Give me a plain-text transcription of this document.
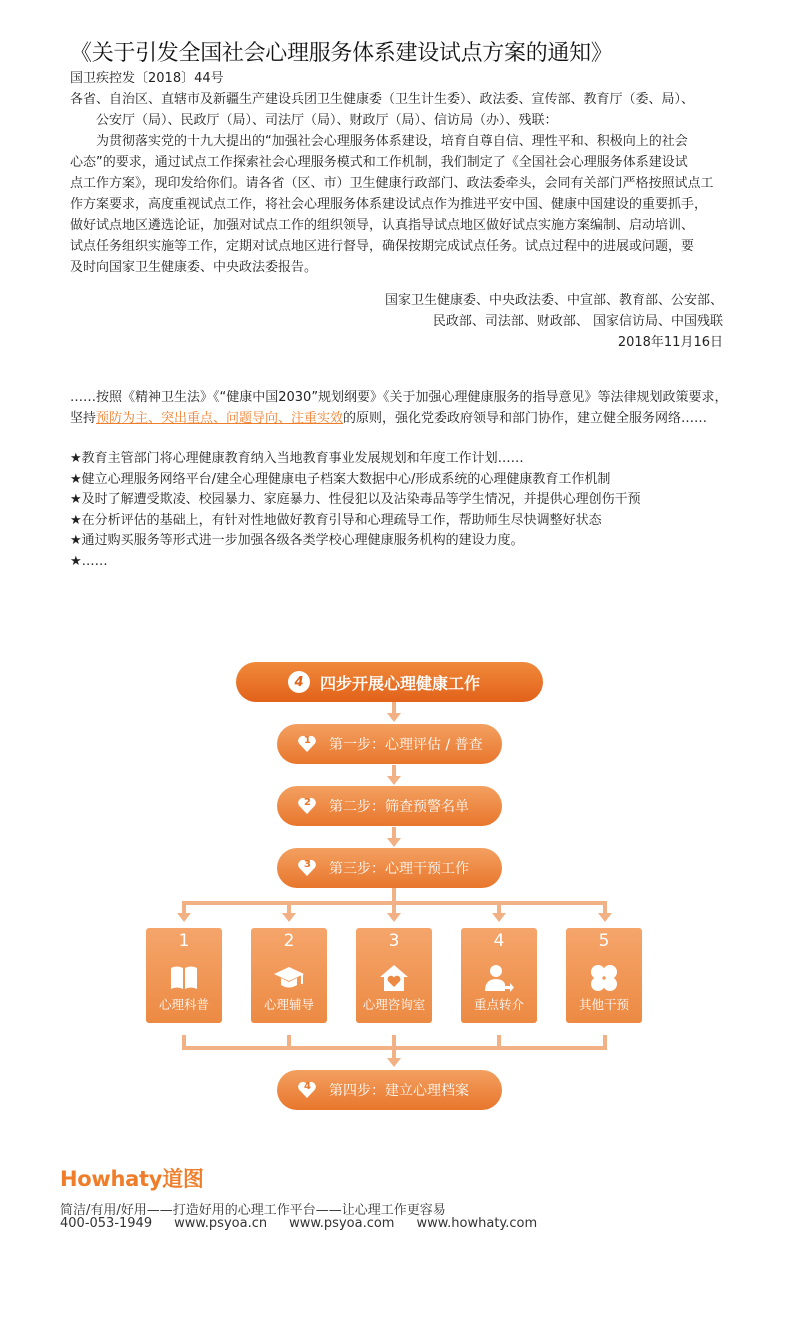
《关于引发全国社会心理服务体系建设试点方案的通知》

国卫疾控发〔2018〕44号

各省、自治区、直辖市及新疆生产建设兵团卫生健康委（卫生计生委）、政法委、宣传部、教育厅（委、局）、

公安厅（局）、民政厅（局）、司法厅（局）、财政厅（局）、信访局（办）、残联：

为贯彻落实党的十九大提出的“加强社会心理服务体系建设，培育自尊自信、理性平和、积极向上的社会

心态”的要求，通过试点工作探索社会心理服务模式和工作机制，我们制定了《全国社会心理服务体系建设试

点工作方案》，现印发给你们。请各省（区、市）卫生健康行政部门、政法委牵头，会同有关部门严格按照试点工

作方案要求，高度重视试点工作，将社会心理服务体系建设试点作为推进平安中国、健康中国建设的重要抓手，

做好试点地区遴选论证，加强对试点工作的组织领导，认真指导试点地区做好试点实施方案编制、启动培训、

试点任务组织实施等工作，定期对试点地区进行督导，确保按期完成试点任务。试点过程中的进展或问题，要

及时向国家卫生健康委、中央政法委报告。

国家卫生健康委、中央政法委、中宣部、教育部、公安部、
民政部、司法部、财政部、 国家信访局、中国残联
2018年11月16日

……按照《精神卫生法》《“健康中国2030”规划纲要》《关于加强心理健康服务的指导意见》等法律规划政策要求，

坚持预防为主、突出重点、问题导向、注重实效的原则，强化党委政府领导和部门协作，建立健全服务网络……

★教育主管部门将心理健康教育纳入当地教育事业发展规划和年度工作计划……
★健立心理服务网络平台/建全心理健康电子档案大数据中心/形成系统的心理健康教育工作机制
★及时了解遭受欺凌、校园暴力、家庭暴力、性侵犯以及沾染毒品等学生情况，并提供心理创伤干预
★在分析评估的基础上，有针对性地做好教育引导和心理疏导工作，帮助师生尽快调整好状态
★通过购买服务等形式进一步加强各级各类学校心理健康服务机构的建设力度。
★……
4	四步开展心理健康工作
1 第一步：心理评估 / 普查
2 第二步：筛查预警名单
3 第三步：心理干预工作
1
心理科普
2
心理辅导
3
心理咨询室
4
重点转介
5
其他干预
4 第四步：建立心理档案
Howhaty道图
简洁/有用/好用——打造好用的心理工作平台——让心理工作更容易
400-053-1949 www.psyoa.cn www.psyoa.com www.howhaty.com
